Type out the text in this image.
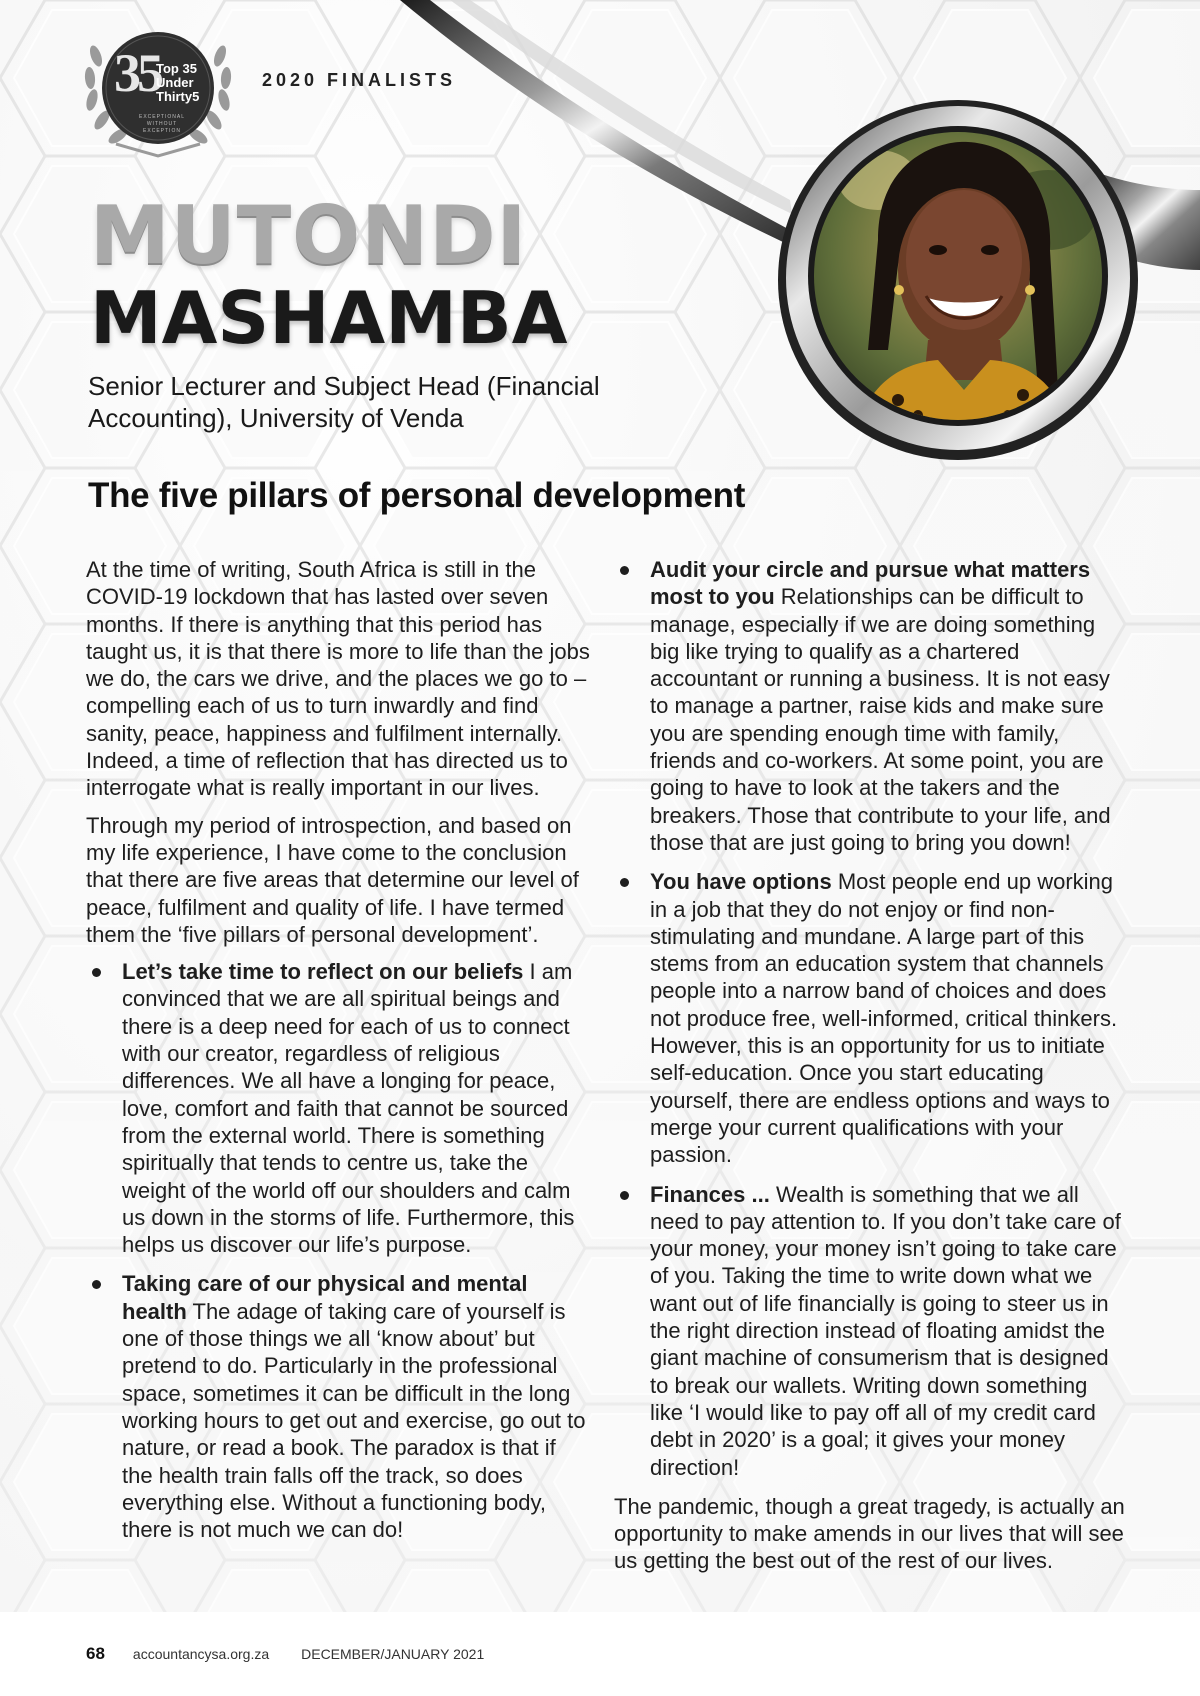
35
Top 35
Under
Thirty5
EXCEPTIONAL WITHOUT EXCEPTION
2020 FINALISTS
MUTONDI
MASHAMBA
Senior Lecturer and Subject Head (Financial Accounting), University of Venda
The five pillars of personal development

At the time of writing, South Africa is still in the COVID-19 lockdown that has lasted over seven months. If there is anything that this period has taught us, it is that there is more to life than the jobs we do, the cars we drive, and the places we go to – compelling each of us to turn inwardly and find sanity, peace, happiness and fulfilment internally. Indeed, a time of reflection that has directed us to interrogate what is really important in our lives.

Through my period of introspection, and based on my life experience, I have come to the conclusion that there are five areas that determine our level of peace, fulfilment and quality of life. I have termed them the ‘five pillars of personal development’.

Let’s take time to reflect on our beliefs I am convinced that we are all spiritual beings and there is a deep need for each of us to connect with our creator, regardless of religious differences. We all have a longing for peace, love, comfort and faith that cannot be sourced from the external world. There is something spiritually that tends to centre us, take the weight of the world off our shoulders and calm us down in the storms of life. Furthermore, this helps us discover our life’s purpose.
Taking care of our physical and mental health The adage of taking care of yourself is one of those things we all ‘know about’ but pretend to do. Particularly in the professional space, sometimes it can be difficult in the long working hours to get out and exercise, go out to nature, or read a book. The paradox is that if the health train falls off the track, so does everything else. Without a functioning body, there is not much we can do!
Audit your circle and pursue what matters most to you Relationships can be difficult to manage, especially if we are doing something big like trying to qualify as a chartered accountant or running a business. It is not easy to manage a partner, raise kids and make sure you are spending enough time with family, friends and co-workers. At some point, you are going to have to look at the takers and the breakers. Those that contribute to your life, and those that are just going to bring you down!
You have options Most people end up working in a job that they do not enjoy or find non-stimulating and mundane. A large part of this stems from an education system that channels people into a narrow band of choices and does not produce free, well-informed, critical thinkers. However, this is an opportunity for us to initiate self-education. Once you start educating yourself, there are endless options and ways to merge your current qualifications with your passion.
Finances ... Wealth is something that we all need to pay attention to. If you don’t take care of your money, your money isn’t going to take care of you. Taking the time to write down what we want out of life financially is going to steer us in the right direction instead of floating amidst the giant machine of consumerism that is designed to break our wallets. Writing down something like ‘I would like to pay off all of my credit card debt in 2020’ is a goal; it gives your money direction!

The pandemic, though a great tragedy, is actually an opportunity to make amends in our lives that will see us getting the best out of the rest of our lives.

68 accountancysa.org.za DECEMBER/JANUARY 2021
